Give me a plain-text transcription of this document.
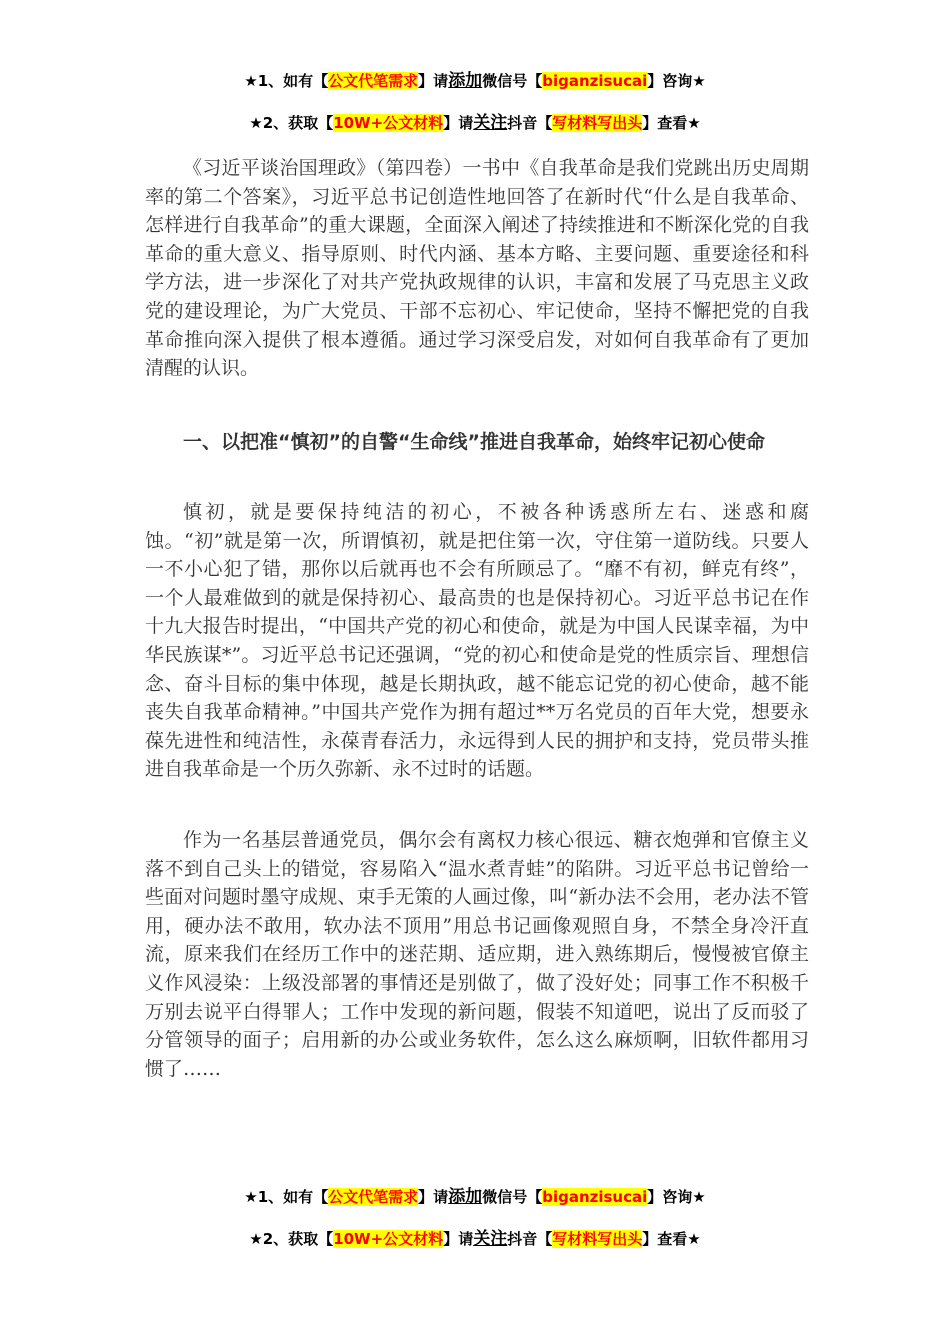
★1、如有【公文代笔需求】请添加微信号【biganzisucai】咨询★
★2、获取【10W+公文材料】请关注抖音【写材料写出头】查看★

《习近平谈治国理政》（第四卷）一书中《自我革命是我们党跳出历史周期率的第二个答案》，习近平总书记创造性地回答了在新时代“什么是自我革命、怎样进行自我革命”的重大课题，全面深入阐述了持续推进和不断深化党的自我革命的重大意义、指导原则、时代内涵、基本方略、主要问题、重要途径和科学方法，进一步深化了对共产党执政规律的认识，丰富和发展了马克思主义政党的建设理论，为广大党员、干部不忘初心、牢记使命，坚持不懈把党的自我革命推向深入提供了根本遵循。通过学习深受启发，对如何自我革命有了更加清醒的认识。

一、以把准“慎初”的自警“生命线”推进自我革命，始终牢记初心使命

慎初，就是要保持纯洁的初心，不被各种诱惑所左右、迷惑和腐蚀。“初”就是第一次，所谓慎初，就是把住第一次，守住第一道防线。只要人一不小心犯了错，那你以后就再也不会有所顾忌了。“靡不有初，鲜克有终”，一个人最难做到的就是保持初心、最高贵的也是保持初心。习近平总书记在作十九大报告时提出，“中国共产党的初心和使命，就是为中国人民谋幸福，为中华民族谋*”。习近平总书记还强调，“党的初心和使命是党的性质宗旨、理想信念、奋斗目标的集中体现，越是长期执政，越不能忘记党的初心使命，越不能丧失自我革命精神。”中国共产党作为拥有超过**万名党员的百年大党，想要永葆先进性和纯洁性，永葆青春活力，永远得到人民的拥护和支持，党员带头推进自我革命是一个历久弥新、永不过时的话题。

作为一名基层普通党员，偶尔会有离权力核心很远、糖衣炮弹和官僚主义落不到自己头上的错觉，容易陷入“温水煮青蛙”的陷阱。习近平总书记曾给一些面对问题时墨守成规、束手无策的人画过像，叫“新办法不会用，老办法不管用，硬办法不敢用，软办法不顶用”用总书记画像观照自身，不禁全身冷汗直流，原来我们在经历工作中的迷茫期、适应期，进入熟练期后，慢慢被官僚主义作风浸染：上级没部署的事情还是别做了，做了没好处；同事工作不积极千万别去说平白得罪人；工作中发现的新问题，假装不知道吧，说出了反而驳了分管领导的面子；启用新的办公或业务软件，怎么这么麻烦啊，旧软件都用习惯了……

★1、如有【公文代笔需求】请添加微信号【biganzisucai】咨询★
★2、获取【10W+公文材料】请关注抖音【写材料写出头】查看★
